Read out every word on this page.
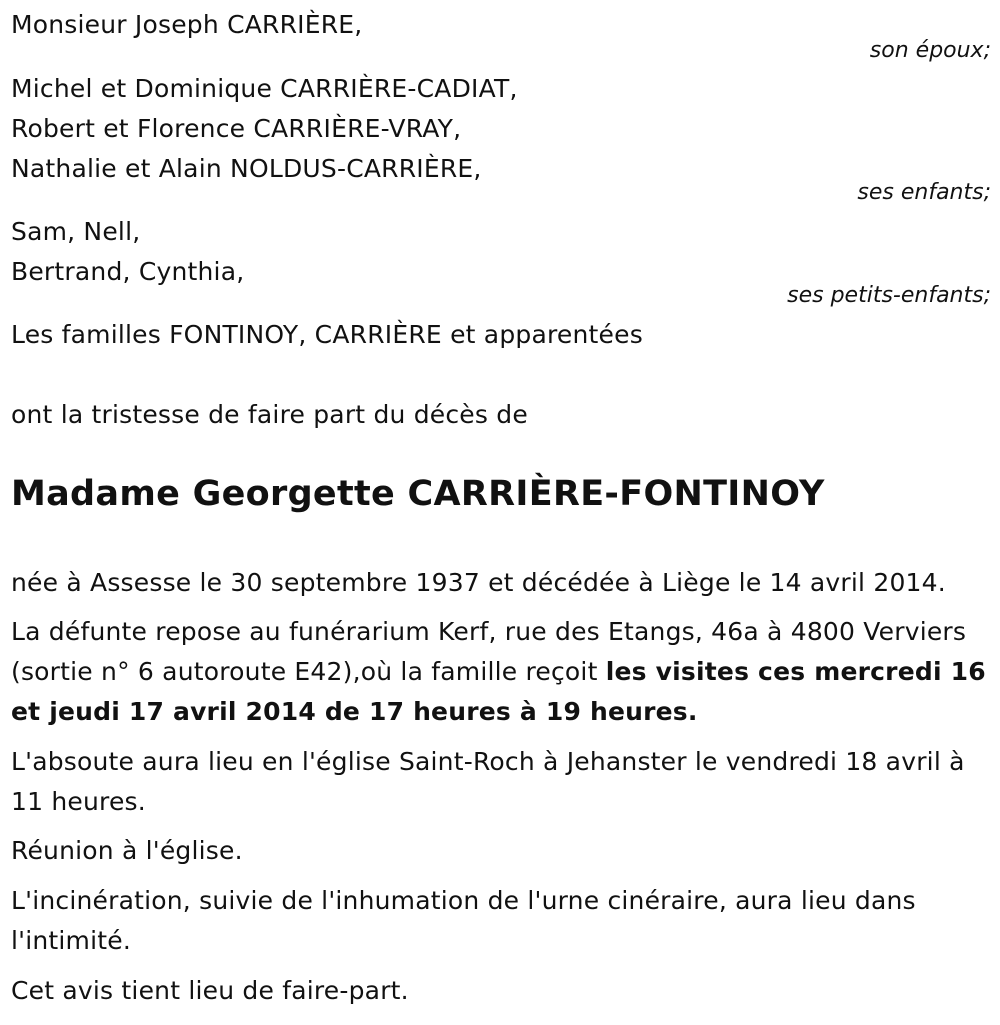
Monsieur Joseph CARRIÈRE,
son époux;
Michel et Dominique CARRIÈRE-CADIAT,
Robert et Florence CARRIÈRE-VRAY,
Nathalie et Alain NOLDUS-CARRIÈRE,
ses enfants;
Sam, Nell,
Bertrand, Cynthia,
ses petits-enfants;
Les familles FONTINOY, CARRIÈRE et apparentées
ont la tristesse de faire part du décès de
Madame Georgette CARRIÈRE-FONTINOY
née à Assesse le 30 septembre 1937 et décédée à Liège le 14 avril 2014.
La défunte repose au funérarium Kerf, rue des Etangs, 46a à 4800 Verviers (sortie n° 6 autoroute E42),où la famille reçoit les visites ces mercredi 16 et jeudi 17 avril 2014 de 17 heures à 19 heures.
L'absoute aura lieu en l'église Saint-Roch à Jehanster le vendredi 18 avril à 11 heures.
Réunion à l'église.
L'incinération, suivie de l'inhumation de l'urne cinéraire, aura lieu dans l'intimité.
Cet avis tient lieu de faire-part.
